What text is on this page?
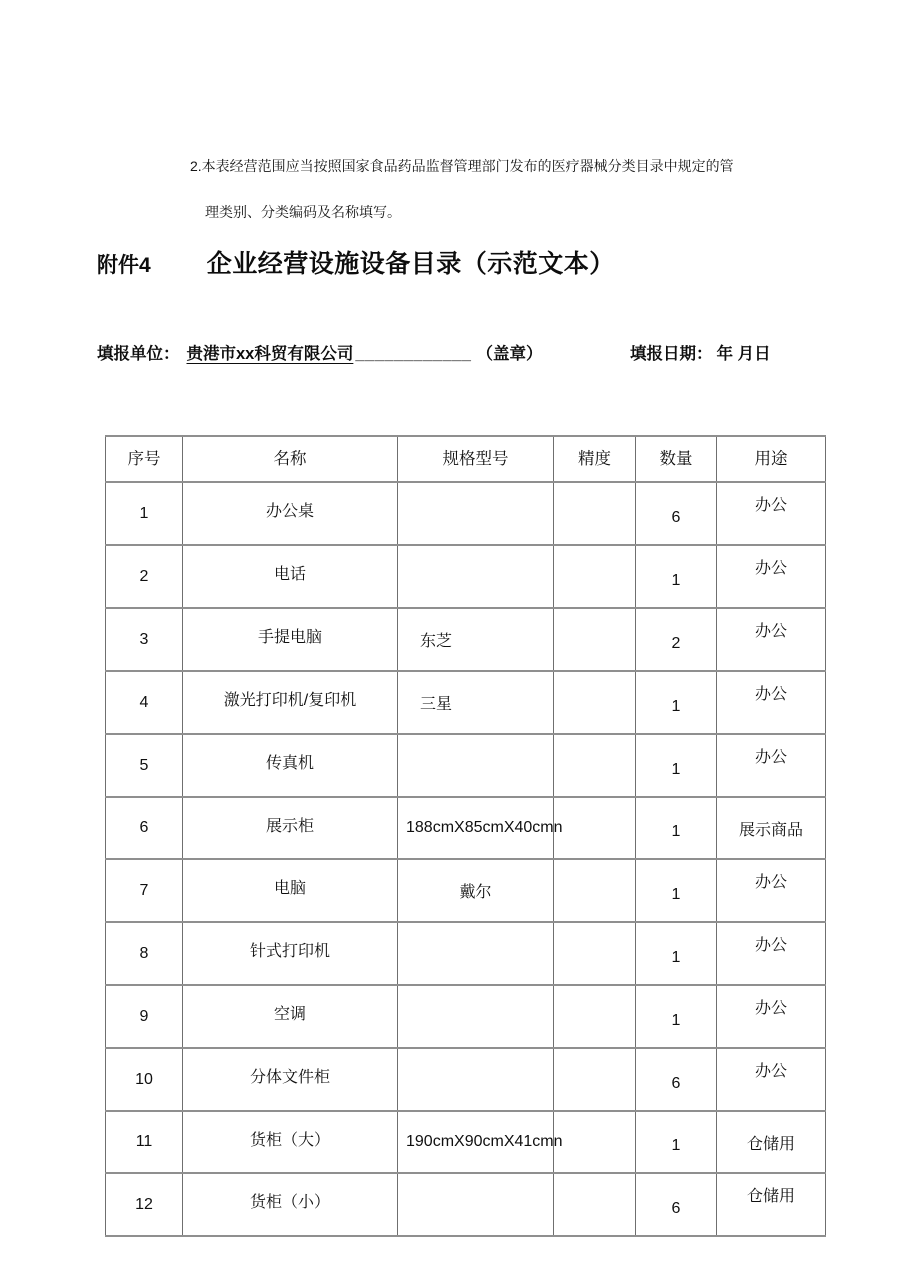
2.本表经营范围应当按照国家食品药品监督管理部门发布的医疗器械分类目录中规定的管
理类别、分类编码及名称填写。
附件4 企业经营设施设备目录（示范文本）
填报单位： 贵港市xx科贸有限公司 ____________ （盖章）	填报日期： 年 月日
序号	名称	规格型号	精度	数量	用途
1	办公桌			6	办公
2	电话			1	办公
3	手提电脑	东芝		2	办公
4	激光打印机/复印机	三星		1	办公
5	传真机			1	办公
6	展示柜	188cmX85cmX40cmn		1	展示商品
7	电脑	戴尔		1	办公
8	针式打印机			1	办公
9	空调			1	办公
10	分体文件柜			6	办公
11	货柜（大）	190cmX90cmX41cmn		1	仓储用
12	货柜（小）			6	仓储用
